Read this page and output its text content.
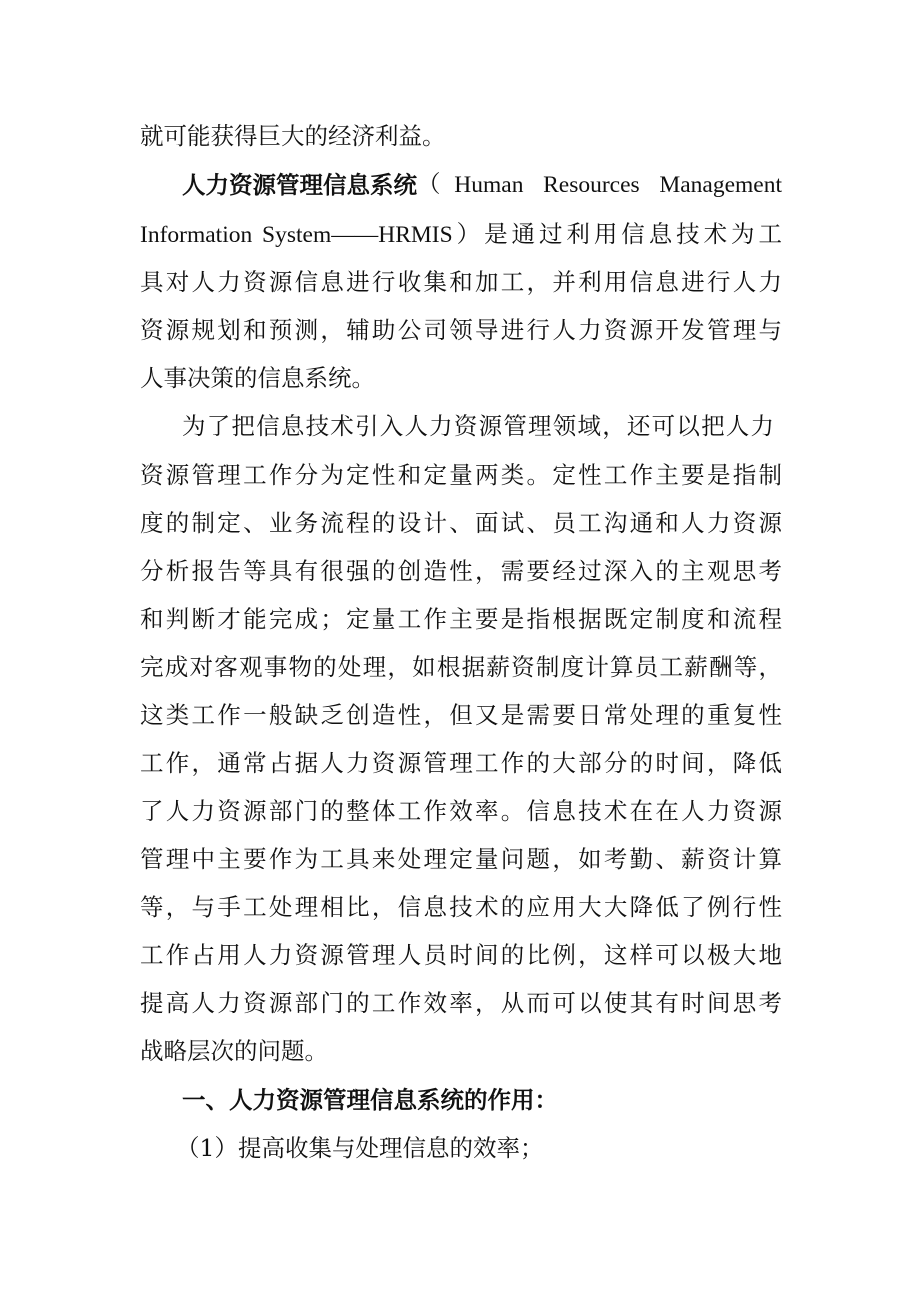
就可能获得巨大的经济利益。
人力资源管理信息系统 （Human Resources Management
Information System——HRMIS）是通过利用信息技术为工
具对人力资源信息进行收集和加工，并利用信息进行人力
资源规划和预测，辅助公司领导进行人力资源开发管理与
人事决策的信息系统。
为了把信息技术引入人力资源管理领域，还可以把人力
资源管理工作分为定性和定量两类。定性工作主要是指制
度的制定、业务流程的设计、面试、员工沟通和人力资源
分析报告等具有很强的创造性，需要经过深入的主观思考
和判断才能完成；定量工作主要是指根据既定制度和流程
完成对客观事物的处理，如根据薪资制度计算员工薪酬等，
这类工作一般缺乏创造性，但又是需要日常处理的重复性
工作，通常占据人力资源管理工作的大部分的时间，降低
了人力资源部门的整体工作效率。信息技术在在人力资源
管理中主要作为工具来处理定量问题，如考勤、薪资计算
等，与手工处理相比，信息技术的应用大大降低了例行性
工作占用人力资源管理人员时间的比例，这样可以极大地
提高人力资源部门的工作效率，从而可以使其有时间思考
战略层次的问题。
一、人力资源管理信息系统的作用：
（1）提高收集与处理信息的效率；
